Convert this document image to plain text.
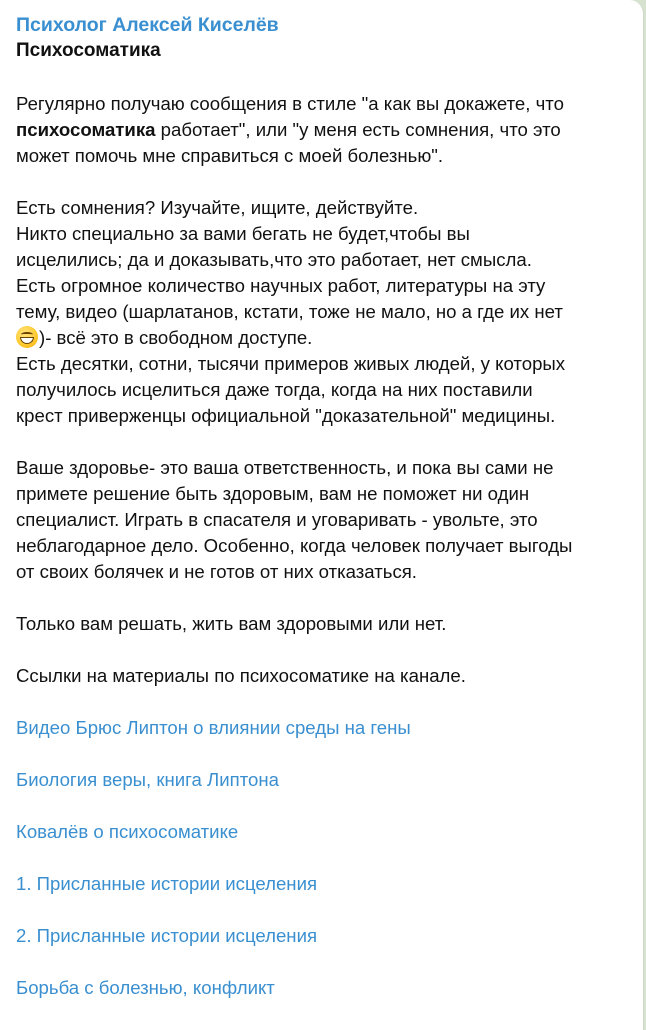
Психолог Алексей Киселёв
Психосоматика
Регулярно получаю сообщения в стиле "а как вы докажете, что
психосоматика работает", или "у меня есть сомнения, что это
может помочь мне справиться с моей болезнью".
Есть сомнения? Изучайте, ищите, действуйте.
Никто специально за вами бегать не будет,чтобы вы
исцелились; да и доказывать,что это работает, нет смысла.
Есть огромное количество научных работ, литературы на эту
тему, видео (шарлатанов, кстати, тоже не мало, но а где их нет
)- всё это в свободном доступе.
Есть десятки, сотни, тысячи примеров живых людей, у которых
получилось исцелиться даже тогда, когда на них поставили
крест приверженцы официальной "доказательной" медицины.
Ваше здоровье- это ваша ответственность, и пока вы сами не
примете решение быть здоровым, вам не поможет ни один
специалист. Играть в спасателя и уговаривать - увольте, это
неблагодарное дело. Особенно, когда человек получает выгоды
от своих болячек и не готов от них отказаться.
Только вам решать, жить вам здоровыми или нет.
Ссылки на материалы по психосоматике на канале.
Видео Брюс Липтон о влиянии среды на гены
Биология веры, книга Липтона
Ковалёв о психосоматике
1. Присланные истории исцеления
2. Присланные истории исцеления
Борьба с болезнью, конфликт
